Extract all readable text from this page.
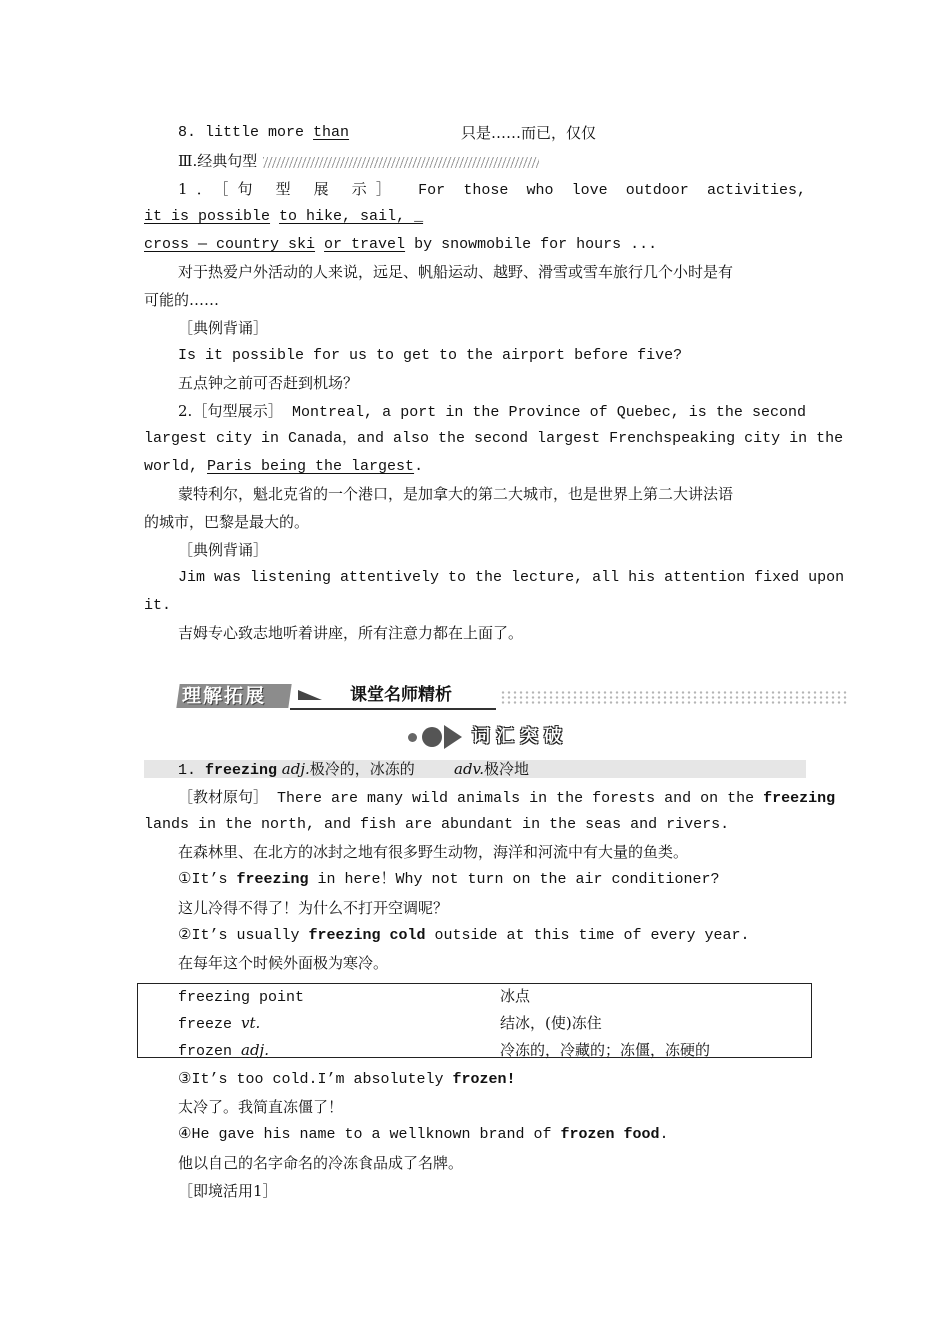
8. little more than	只是……而已，仅仅
Ⅲ.经典句型
1．［句 型 展 示］ For those who love outdoor activities,
it is possible to hike, sail, _
cross — country ski or travel by snowmobile for hours ...
对于热爱户外活动的人来说，远足、帆船运动、越野、滑雪或雪车旅行几个小时是有
可能的……
［典例背诵］
Is it possible for us to get to the airport before five?
五点钟之前可否赶到机场？
2.［句型展示］ Montreal, a port in the Province of Quebec, is the second
largest city in Canada，and also the second largest Frenchspeaking city in the
world, Paris being the largest.
蒙特利尔，魁北克省的一个港口，是加拿大的第二大城市，也是世界上第二大讲法语
的城市，巴黎是最大的。
［典例背诵］
Jim was listening attentively to the lecture, all his attention fixed upon
it.
吉姆专心致志地听着讲座，所有注意力都在上面了。
理解拓展	课堂名师精析
词汇突破
1. freezing adj.极冷的，冰冻的	adv.极冷地
［教材原句］ There are many wild animals in the forests and on the freezing
lands in the north, and fish are abundant in the seas and rivers.
在森林里、在北方的冰封之地有很多野生动物，海洋和河流中有大量的鱼类。
①It’s freezing in here！Why not turn on the air conditioner?
这儿冷得不得了！为什么不打开空调呢？
②It’s usually freezing cold outside at this time of every year.
在每年这个时候外面极为寒冷。
freezing point	冰点
freeze vt.	结冰，(使)冻住
frozen adj.	冷冻的，冷藏的；冻僵，冻硬的
③It’s too cold.I’m absolutely frozen!
太冷了。我简直冻僵了！
④He gave his name to a wellknown brand of frozen food.
他以自己的名字命名的冷冻食品成了名牌。
［即境活用1］
